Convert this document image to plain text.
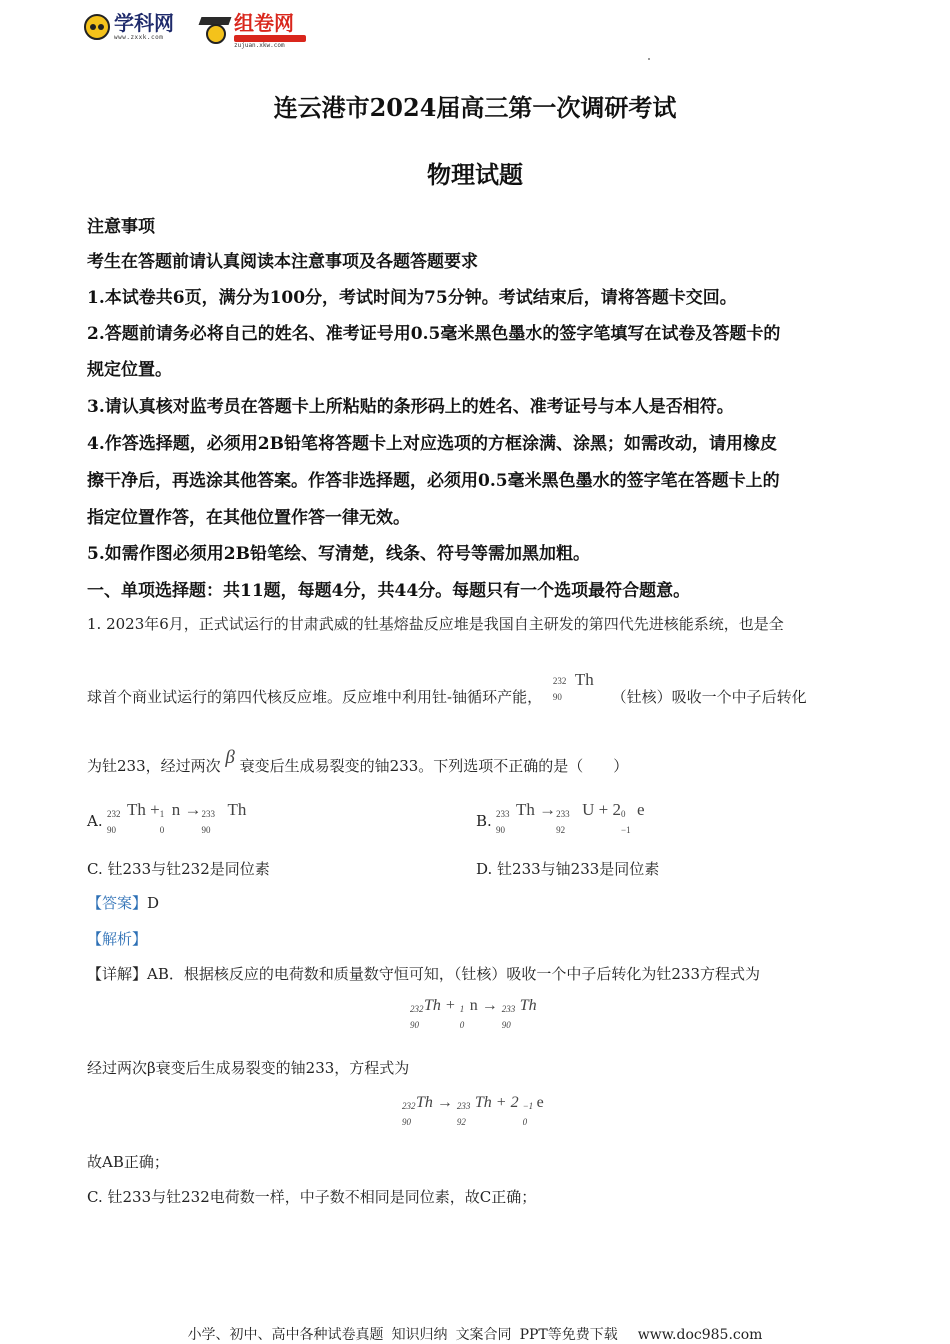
学科网
www.zxxk.com
组卷网
zujuan.xkw.com
连云港市2024届高三第一次调研考试
物理试题
注意事项
考生在答题前请认真阅读本注意事项及各题答题要求
1.本试卷共6页，满分为100分，考试时间为75分钟。考试结束后，请将答题卡交回。
2.答题前请务必将自己的姓名、准考证号用0.5毫米黑色墨水的签字笔填写在试卷及答题卡的
规定位置。
3.请认真核对监考员在答题卡上所粘贴的条形码上的姓名、准考证号与本人是否相符。
4.作答选择题，必须用2B铅笔将答题卡上对应选项的方框涂满、涂黑；如需改动，请用橡皮
擦干净后，再选涂其他答案。作答非选择题，必须用0.5毫米黑色墨水的签字笔在答题卡上的
指定位置作答，在其他位置作答一律无效。
5.如需作图必须用2B铅笔绘、写清楚，线条、符号等需加黑加粗。
一、单项选择题：共11题，每题4分，共44分。每题只有一个选项最符合题意。
1. 2023年6月，正式试运行的甘肃武威的钍基熔盐反应堆是我国自主研发的第四代先进核能系统，也是全
球首个商业试运行的第四代核反应堆。反应堆中利用钍-铀循环产能，
232
90
Th
（钍核）吸收一个中子后转化
为钍233，经过两次 β 衰变后生成易裂变的铀233。下列选项不正确的是（　　）
A. 232
90
Th + 1
0
n → 233
90
Th
B. 233
90
Th → 233
92
U + 2 0
−1
e
C. 钍233与钍232是同位素	D. 钍233与铀233是同位素
【答案】D
【解析】
【详解】AB．根据核反应的电荷数和质量数守恒可知，（钍核）吸收一个中子后转化为钍233方程式为
232
90
Th + 1
0
n → 233
90
Th
经过两次β衰变后生成易裂变的铀233，方程式为
232
90
Th → 233
92
Th + 2 −1
0
e
故AB正确；
C. 钍233与钍232电荷数一样，中子数不相同是同位素，故C正确；
小学、初中、高中各种试卷真题 知识归纳 文案合同 PPT等免费下载 www.doc985.com
